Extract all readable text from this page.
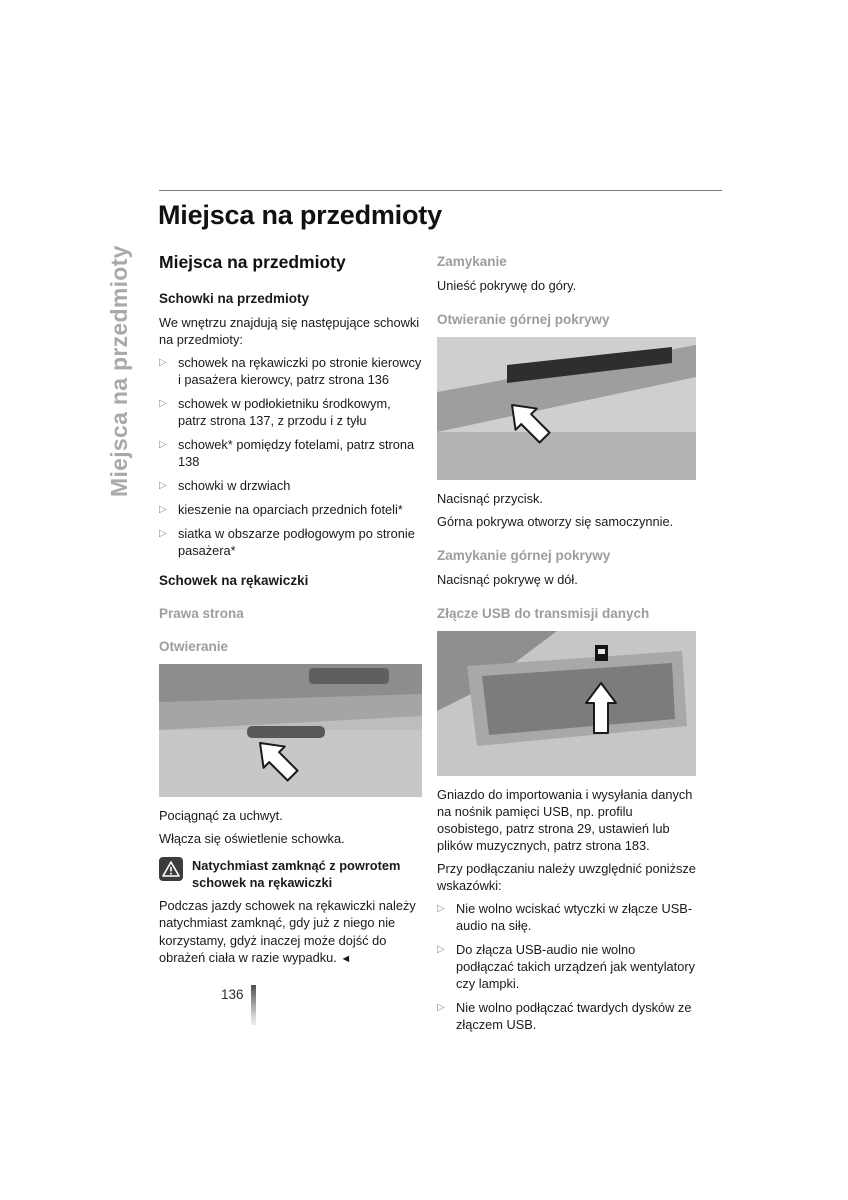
Miejsca na przedmioty
Miejsca na przedmioty
Miejsca na przedmioty
Schowki na przedmioty

We wnętrzu znajdują się następujące schowki na przedmioty:

▷ schowek na rękawiczki po stronie kierowcy i pasażera kierowcy, patrz strona 136
▷ schowek w podłokietniku środkowym, patrz strona 137, z przodu i z tyłu
▷ schowek* pomiędzy fotelami, patrz strona 138
▷ schowki w drzwiach
▷ kieszenie na oparciach przednich foteli*
▷ siatka w obszarze podłogowym po stronie pasażera*
Schowek na rękawiczki
Prawa strona
Otwieranie

Pociągnąć za uchwyt.

Włącza się oświetlenie schowka.

Natychmiast zamknąć z powrotem schowek na rękawiczki

Podczas jazdy schowek na rękawiczki należy natychmiast zamknąć, gdy już z niego nie korzystamy, gdyż inaczej może dojść do obrażeń ciała w razie wypadku. ◄

Zamykanie

Unieść pokrywę do góry.

Otwieranie górnej pokrywy

Nacisnąć przycisk.

Górna pokrywa otworzy się samoczynnie.

Zamykanie górnej pokrywy

Nacisnąć pokrywę w dół.

Złącze USB do transmisji danych

Gniazdo do importowania i wysyłania danych na nośnik pamięci USB, np. profilu osobistego, patrz strona 29, ustawień lub plików muzycznych, patrz strona 183.

Przy podłączaniu należy uwzględnić poniższe wskazówki:

▷ Nie wolno wciskać wtyczki w złącze USB-audio na siłę.
▷ Do złącza USB-audio nie wolno podłączać takich urządzeń jak wentylatory czy lampki.
▷ Nie wolno podłączać twardych dysków ze złączem USB.
136
